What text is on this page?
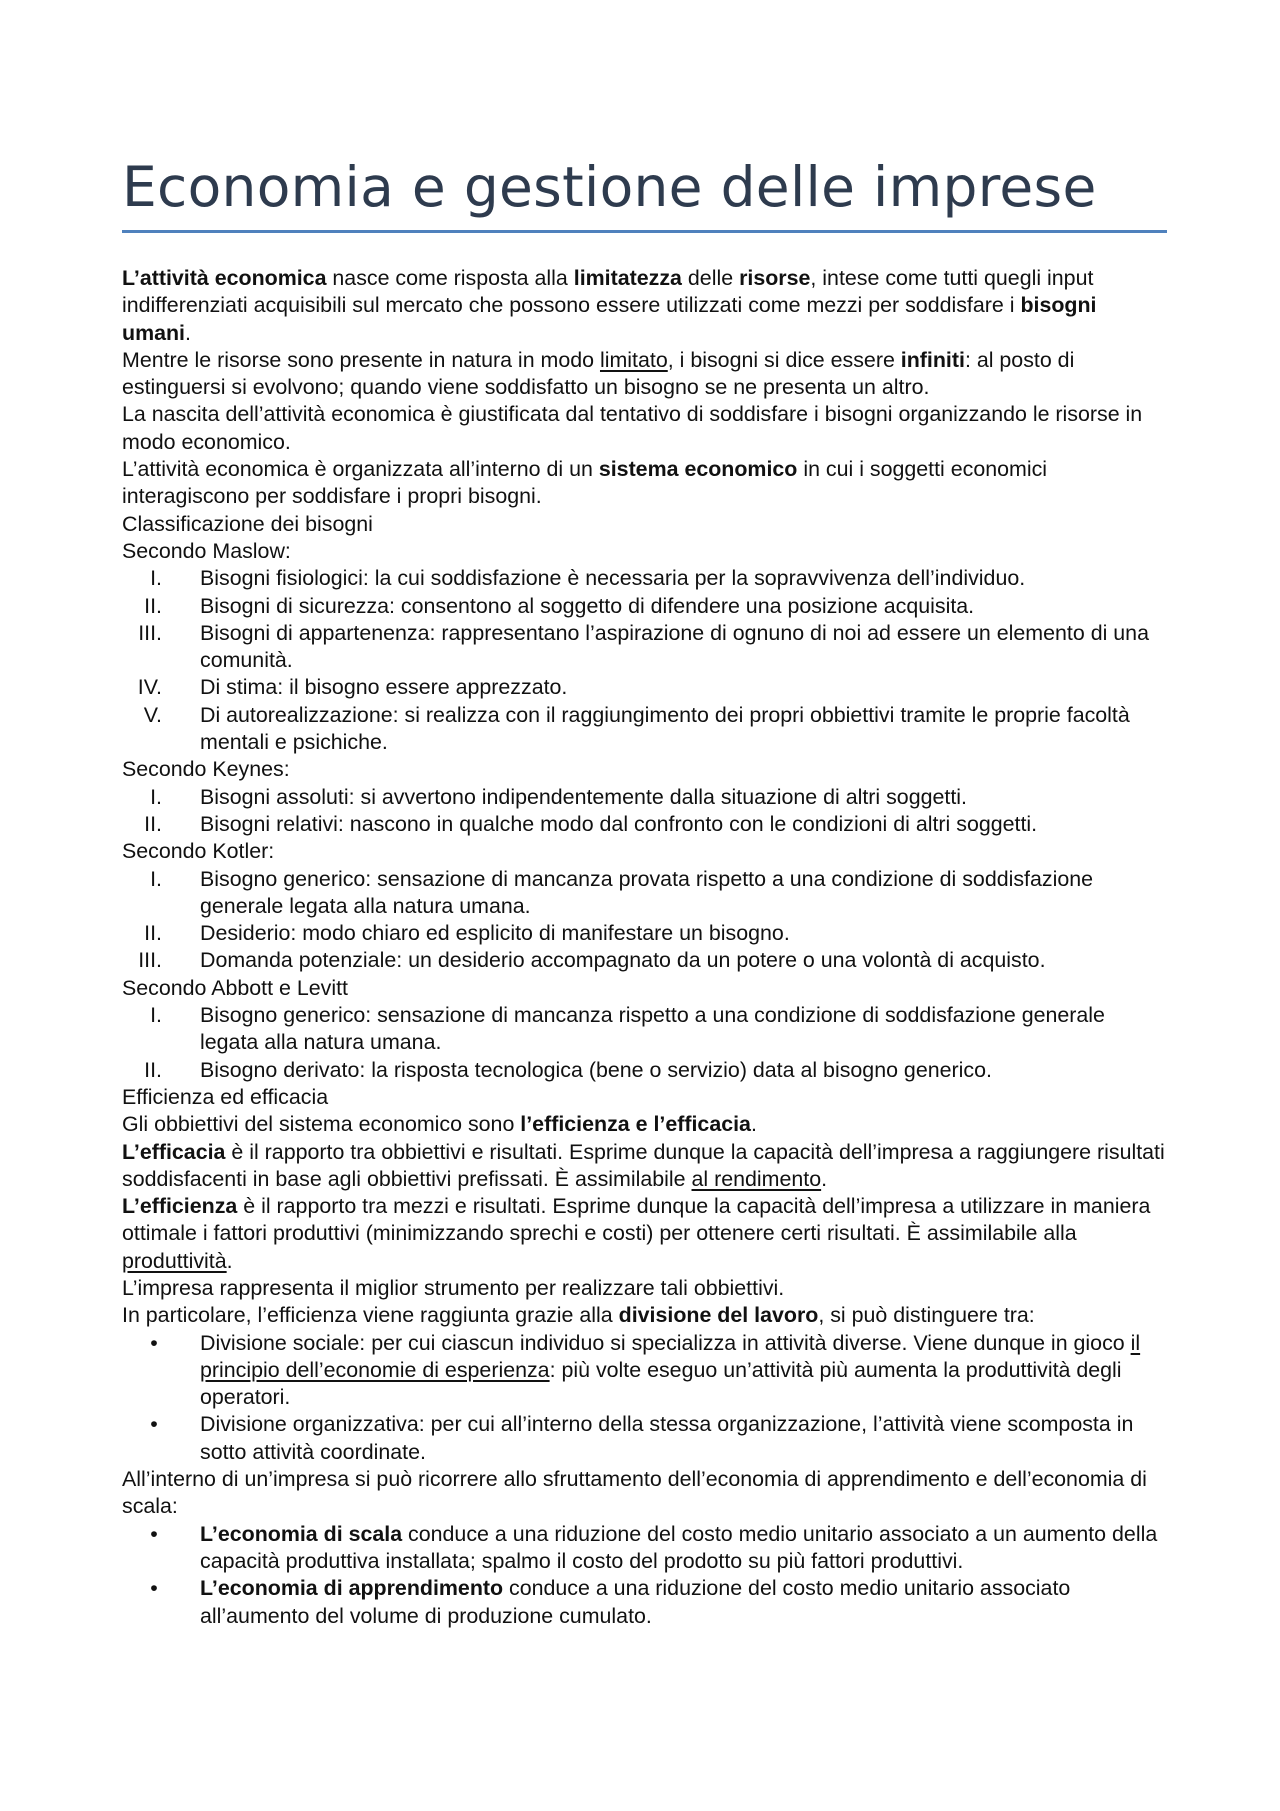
Economia e gestione delle imprese

L’attività economica nasce come risposta alla limitatezza delle risorse, intese come tutti quegli input indifferenziati acquisibili sul mercato che possono essere utilizzati come mezzi per soddisfare i bisogni umani.

Mentre le risorse sono presente in natura in modo limitato, i bisogni si dice essere infiniti: al posto di estinguersi si evolvono; quando viene soddisfatto un bisogno se ne presenta un altro.

La nascita dell’attività economica è giustificata dal tentativo di soddisfare i bisogni organizzando le risorse in modo economico.

L’attività economica è organizzata all’interno di un sistema economico in cui i soggetti economici interagiscono per soddisfare i propri bisogni.

Classificazione dei bisogni

Secondo Maslow:

I. Bisogni fisiologici: la cui soddisfazione è necessaria per la sopravvivenza dell’individuo.
II. Bisogni di sicurezza: consentono al soggetto di difendere una posizione acquisita.
III. Bisogni di appartenenza: rappresentano l’aspirazione di ognuno di noi ad essere un elemento di una comunità.
IV. Di stima: il bisogno essere apprezzato.
V. Di autorealizzazione: si realizza con il raggiungimento dei propri obbiettivi tramite le proprie facoltà mentali e psichiche.

Secondo Keynes:

I. Bisogni assoluti: si avvertono indipendentemente dalla situazione di altri soggetti.
II. Bisogni relativi: nascono in qualche modo dal confronto con le condizioni di altri soggetti.

Secondo Kotler:

I. Bisogno generico: sensazione di mancanza provata rispetto a una condizione di soddisfazione generale legata alla natura umana.
II. Desiderio: modo chiaro ed esplicito di manifestare un bisogno.
III. Domanda potenziale: un desiderio accompagnato da un potere o una volontà di acquisto.

Secondo Abbott e Levitt

I. Bisogno generico: sensazione di mancanza rispetto a una condizione di soddisfazione generale legata alla natura umana.
II. Bisogno derivato: la risposta tecnologica (bene o servizio) data al bisogno generico.

Efficienza ed efficacia

Gli obbiettivi del sistema economico sono l’efficienza e l’efficacia.

L’efficacia è il rapporto tra obbiettivi e risultati. Esprime dunque la capacità dell’impresa a raggiungere risultati soddisfacenti in base agli obbiettivi prefissati. È assimilabile al rendimento.

L’efficienza è il rapporto tra mezzi e risultati. Esprime dunque la capacità dell’impresa a utilizzare in maniera ottimale i fattori produttivi (minimizzando sprechi e costi) per ottenere certi risultati. È assimilabile alla produttività.

L’impresa rappresenta il miglior strumento per realizzare tali obbiettivi.

In particolare, l’efficienza viene raggiunta grazie alla divisione del lavoro, si può distinguere tra:

• Divisione sociale: per cui ciascun individuo si specializza in attività diverse. Viene dunque in gioco il principio dell’economie di esperienza: più volte eseguo un’attività più aumenta la produttività degli operatori.
• Divisione organizzativa: per cui all’interno della stessa organizzazione, l’attività viene scomposta in sotto attività coordinate.

All’interno di un’impresa si può ricorrere allo sfruttamento dell’economia di apprendimento e dell’economia di scala:

• L’economia di scala conduce a una riduzione del costo medio unitario associato a un aumento della capacità produttiva installata; spalmo il costo del prodotto su più fattori produttivi.
• L’economia di apprendimento conduce a una riduzione del costo medio unitario associato all’aumento del volume di produzione cumulato.
